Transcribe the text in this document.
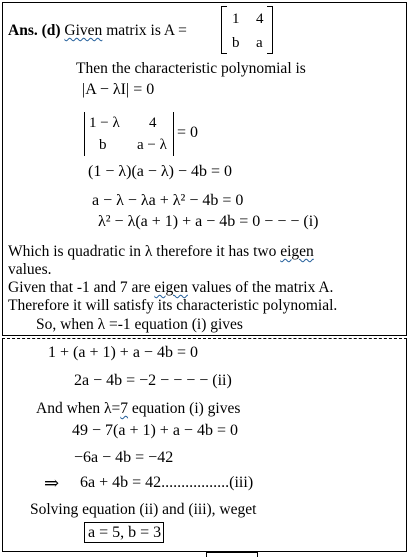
Ans. (d) Given matrix is A =
1 4
b a
Then the characteristic polynomial is
|A − λI| = 0
1 − λ 4
b a − λ
= 0
(1 − λ)(a − λ) − 4b = 0
a − λ − λa + λ² − 4b = 0
λ² − λ(a + 1) + a − 4b = 0 − − − (i)
Which is quadratic in λ therefore it has two eigen
values.
Given that -1 and 7 are eigen values of the matrix A.
Therefore it will satisfy its characteristic polynomial.
So, when λ =-1 equation (i) gives
1 + (a + 1) + a − 4b = 0
2a − 4b = −2 − − − − (ii)
And when λ=7 equation (i) gives
49 − 7(a + 1) + a − 4b = 0
−6a − 4b = −42
⇒ 6a + 4b = 42.................(iii)
Solving equation (ii) and (iii), weget
a = 5, b = 3
